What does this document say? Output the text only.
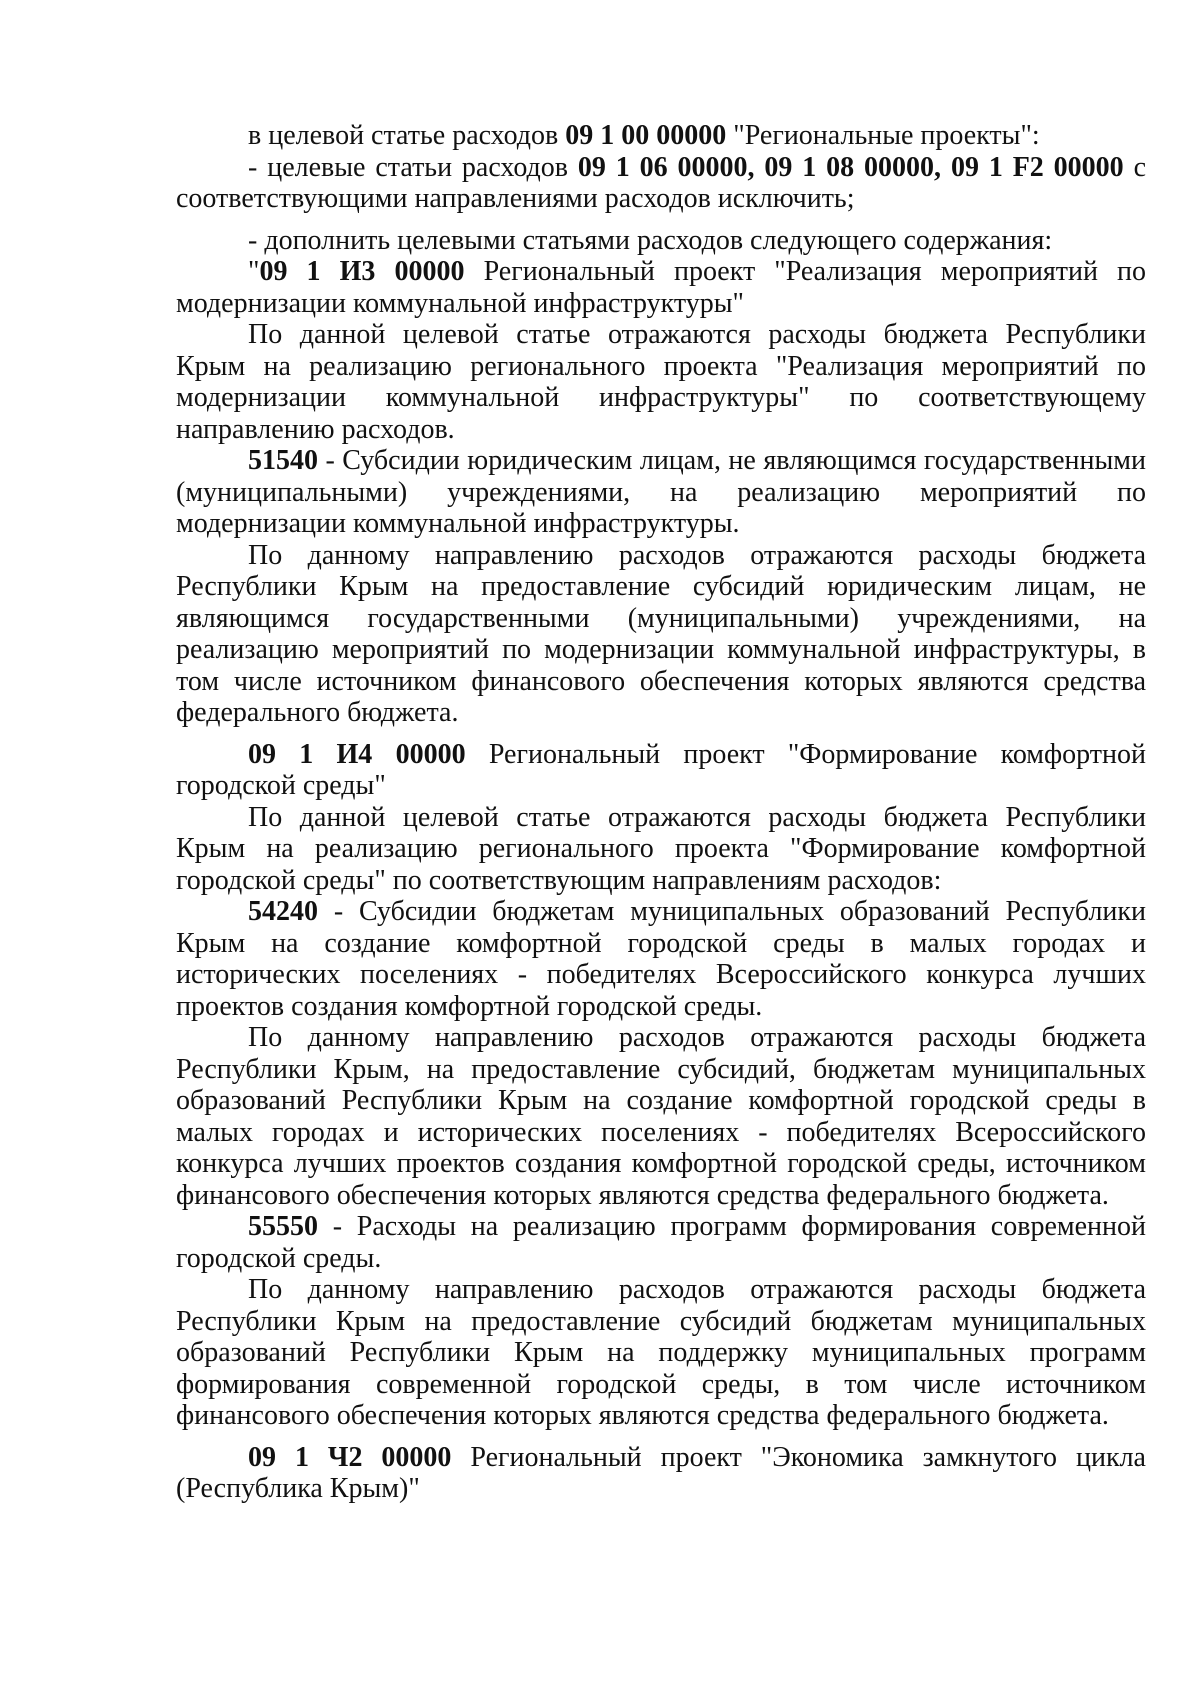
в целевой статье расходов 09 1 00 00000 "Региональные проекты":

- целевые статьи расходов 09 1 06 00000, 09 1 08 00000, 09 1 F2 00000 с соответствующими направлениями расходов исключить;

- дополнить целевыми статьями расходов следующего содержания:

"09 1 И3 00000 Региональный проект "Реализация мероприятий по модернизации коммунальной инфраструктуры"

По данной целевой статье отражаются расходы бюджета Республики Крым на реализацию регионального проекта "Реализация мероприятий по модернизации коммунальной инфраструктуры" по соответствующему направлению расходов.

51540 - Субсидии юридическим лицам, не являющимся государственными (муниципальными) учреждениями, на реализацию мероприятий по модернизации коммунальной инфраструктуры.

По данному направлению расходов отражаются расходы бюджета Республики Крым на предоставление субсидий юридическим лицам, не являющимся государственными (муниципальными) учреждениями, на реализацию мероприятий по модернизации коммунальной инфраструктуры, в том числе источником финансового обеспечения которых являются средства федерального бюджета.

09 1 И4 00000 Региональный проект "Формирование комфортной городской среды"

По данной целевой статье отражаются расходы бюджета Республики Крым на реализацию регионального проекта "Формирование комфортной городской среды" по соответствующим направлениям расходов:

54240 - Субсидии бюджетам муниципальных образований Республики Крым на создание комфортной городской среды в малых городах и исторических поселениях - победителях Всероссийского конкурса лучших проектов создания комфортной городской среды.

По данному направлению расходов отражаются расходы бюджета Республики Крым, на предоставление субсидий, бюджетам муниципальных образований Республики Крым на создание комфортной городской среды в малых городах и исторических поселениях - победителях Всероссийского конкурса лучших проектов создания комфортной городской среды, источником финансового обеспечения которых являются средства федерального бюджета.

55550 - Расходы на реализацию программ формирования современной городской среды.

По данному направлению расходов отражаются расходы бюджета Республики Крым на предоставление субсидий бюджетам муниципальных образований Республики Крым на поддержку муниципальных программ формирования современной городской среды, в том числе источником финансового обеспечения которых являются средства федерального бюджета.

09 1 Ч2 00000 Региональный проект "Экономика замкнутого цикла (Республика Крым)"
